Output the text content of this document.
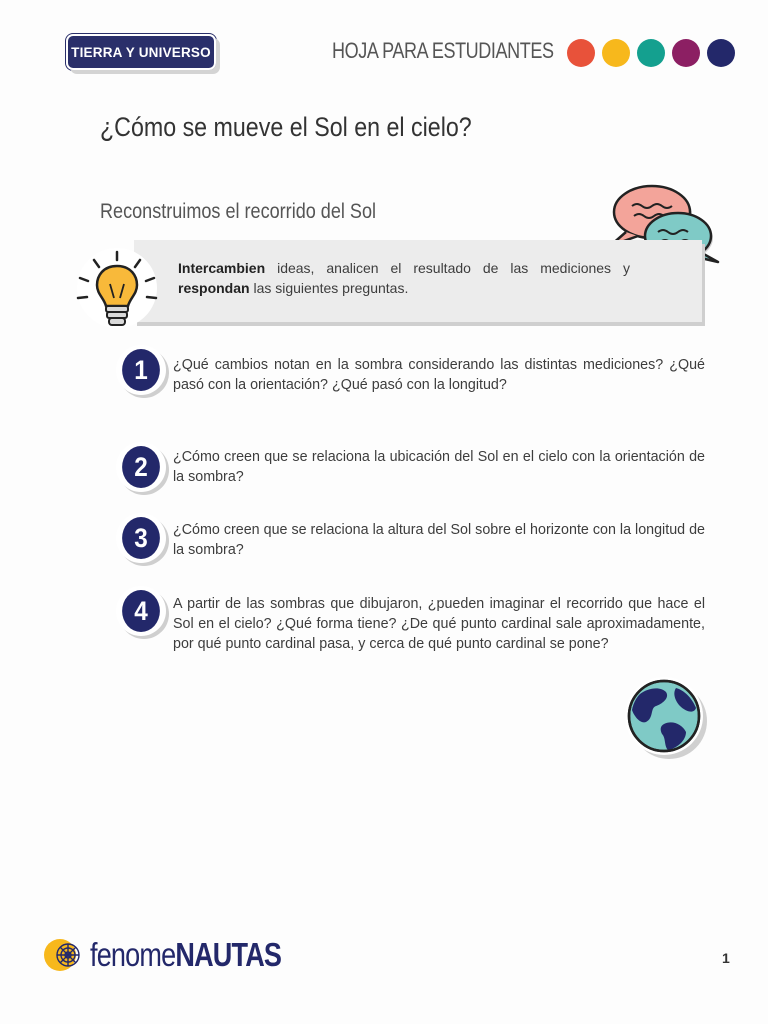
TIERRA Y UNIVERSO	HOJA PARA ESTUDIANTES
¿Cómo se mueve el Sol en el cielo?
Reconstruimos el recorrido del Sol
Intercambien ideas, analicen el resultado de las mediciones y respondan las siguientes preguntas.
1	¿Qué cambios notan en la sombra considerando las distintas mediciones? ¿Qué pasó con la orientación? ¿Qué pasó con la longitud?
2	¿Cómo creen que se relaciona la ubicación del Sol en el cielo con la orientación de la sombra?
3	¿Cómo creen que se relaciona la altura del Sol sobre el horizonte con la longitud de la sombra?
4	A partir de las sombras que dibujaron, ¿pueden imaginar el recorrido que hace el Sol en el cielo? ¿Qué forma tiene? ¿De qué punto cardinal sale aproximadamente, por qué punto cardinal pasa, y cerca de qué punto cardinal se pone?
fenomeNAUTAS	1
